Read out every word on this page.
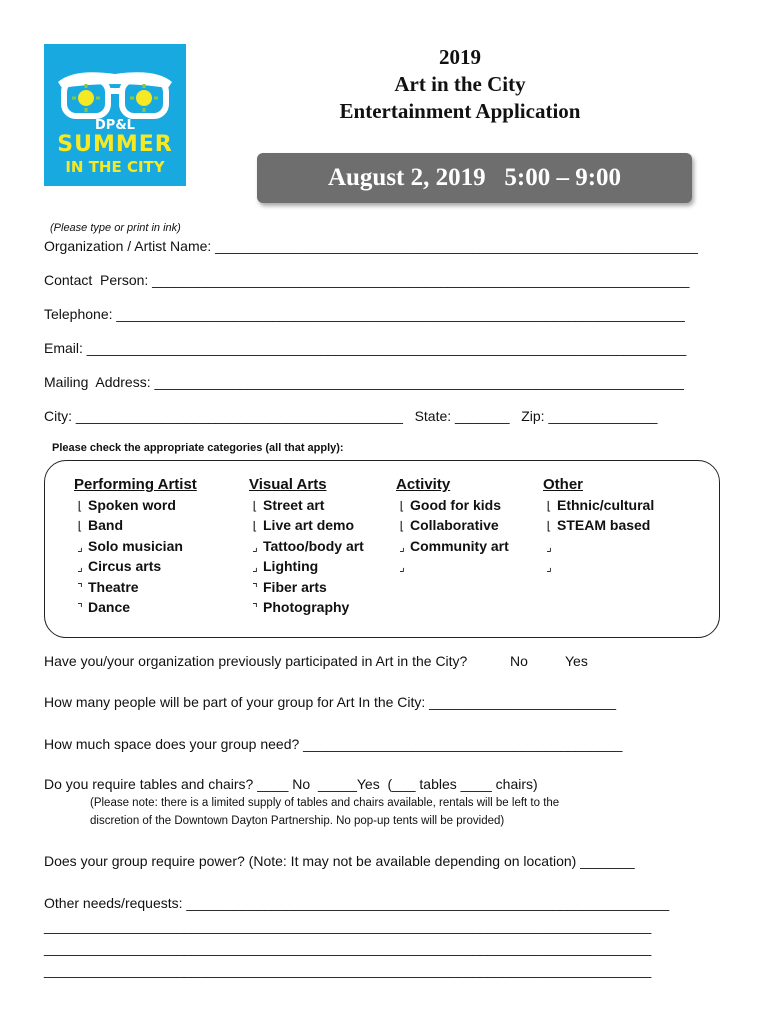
DP&L
SUMMER
IN THE CITY
2019
Art in the City
Entertainment Application
August 2, 2019   5:00 – 9:00
(Please type or print in ink)
Organization / Artist Name: ______________________________________________________________
Contact  Person: _____________________________________________________________________
Telephone: _________________________________________________________________________
Email: _____________________________________________________________________________
Mailing  Address: ____________________________________________________________________
City: __________________________________________   State: _______   Zip: ______________
Please check the appropriate categories (all that apply):
Performing Artist
⌊ Spoken word
⌊ Band
⌟ Solo musician
⌟ Circus arts
⌝ Theatre
⌝ Dance
Visual Arts
⌊ Street art
⌊ Live art demo
⌟ Tattoo/body art
⌟ Lighting
⌝ Fiber arts
⌝ Photography
Activity
⌊ Good for kids
⌊ Collaborative
⌟ Community art
⌟
Other
⌊ Ethnic/cultural
⌊ STEAM based
⌟
⌟
Have you/your organization previously participated in Art in the City?	No	Yes
How many people will be part of your group for Art In the City: ________________________
How much space does your group need? _________________________________________
Do you require tables and chairs? ____ No  _____Yes  (___ tables ____ chairs)
(Please note: there is a limited supply of tables and chairs available, rentals will be left to the
discretion of the Downtown Dayton Partnership. No pop-up tents will be provided)
Does your group require power? (Note: It may not be available depending on location) _______
Other needs/requests: ______________________________________________________________
______________________________________________________________________________
______________________________________________________________________________
______________________________________________________________________________
